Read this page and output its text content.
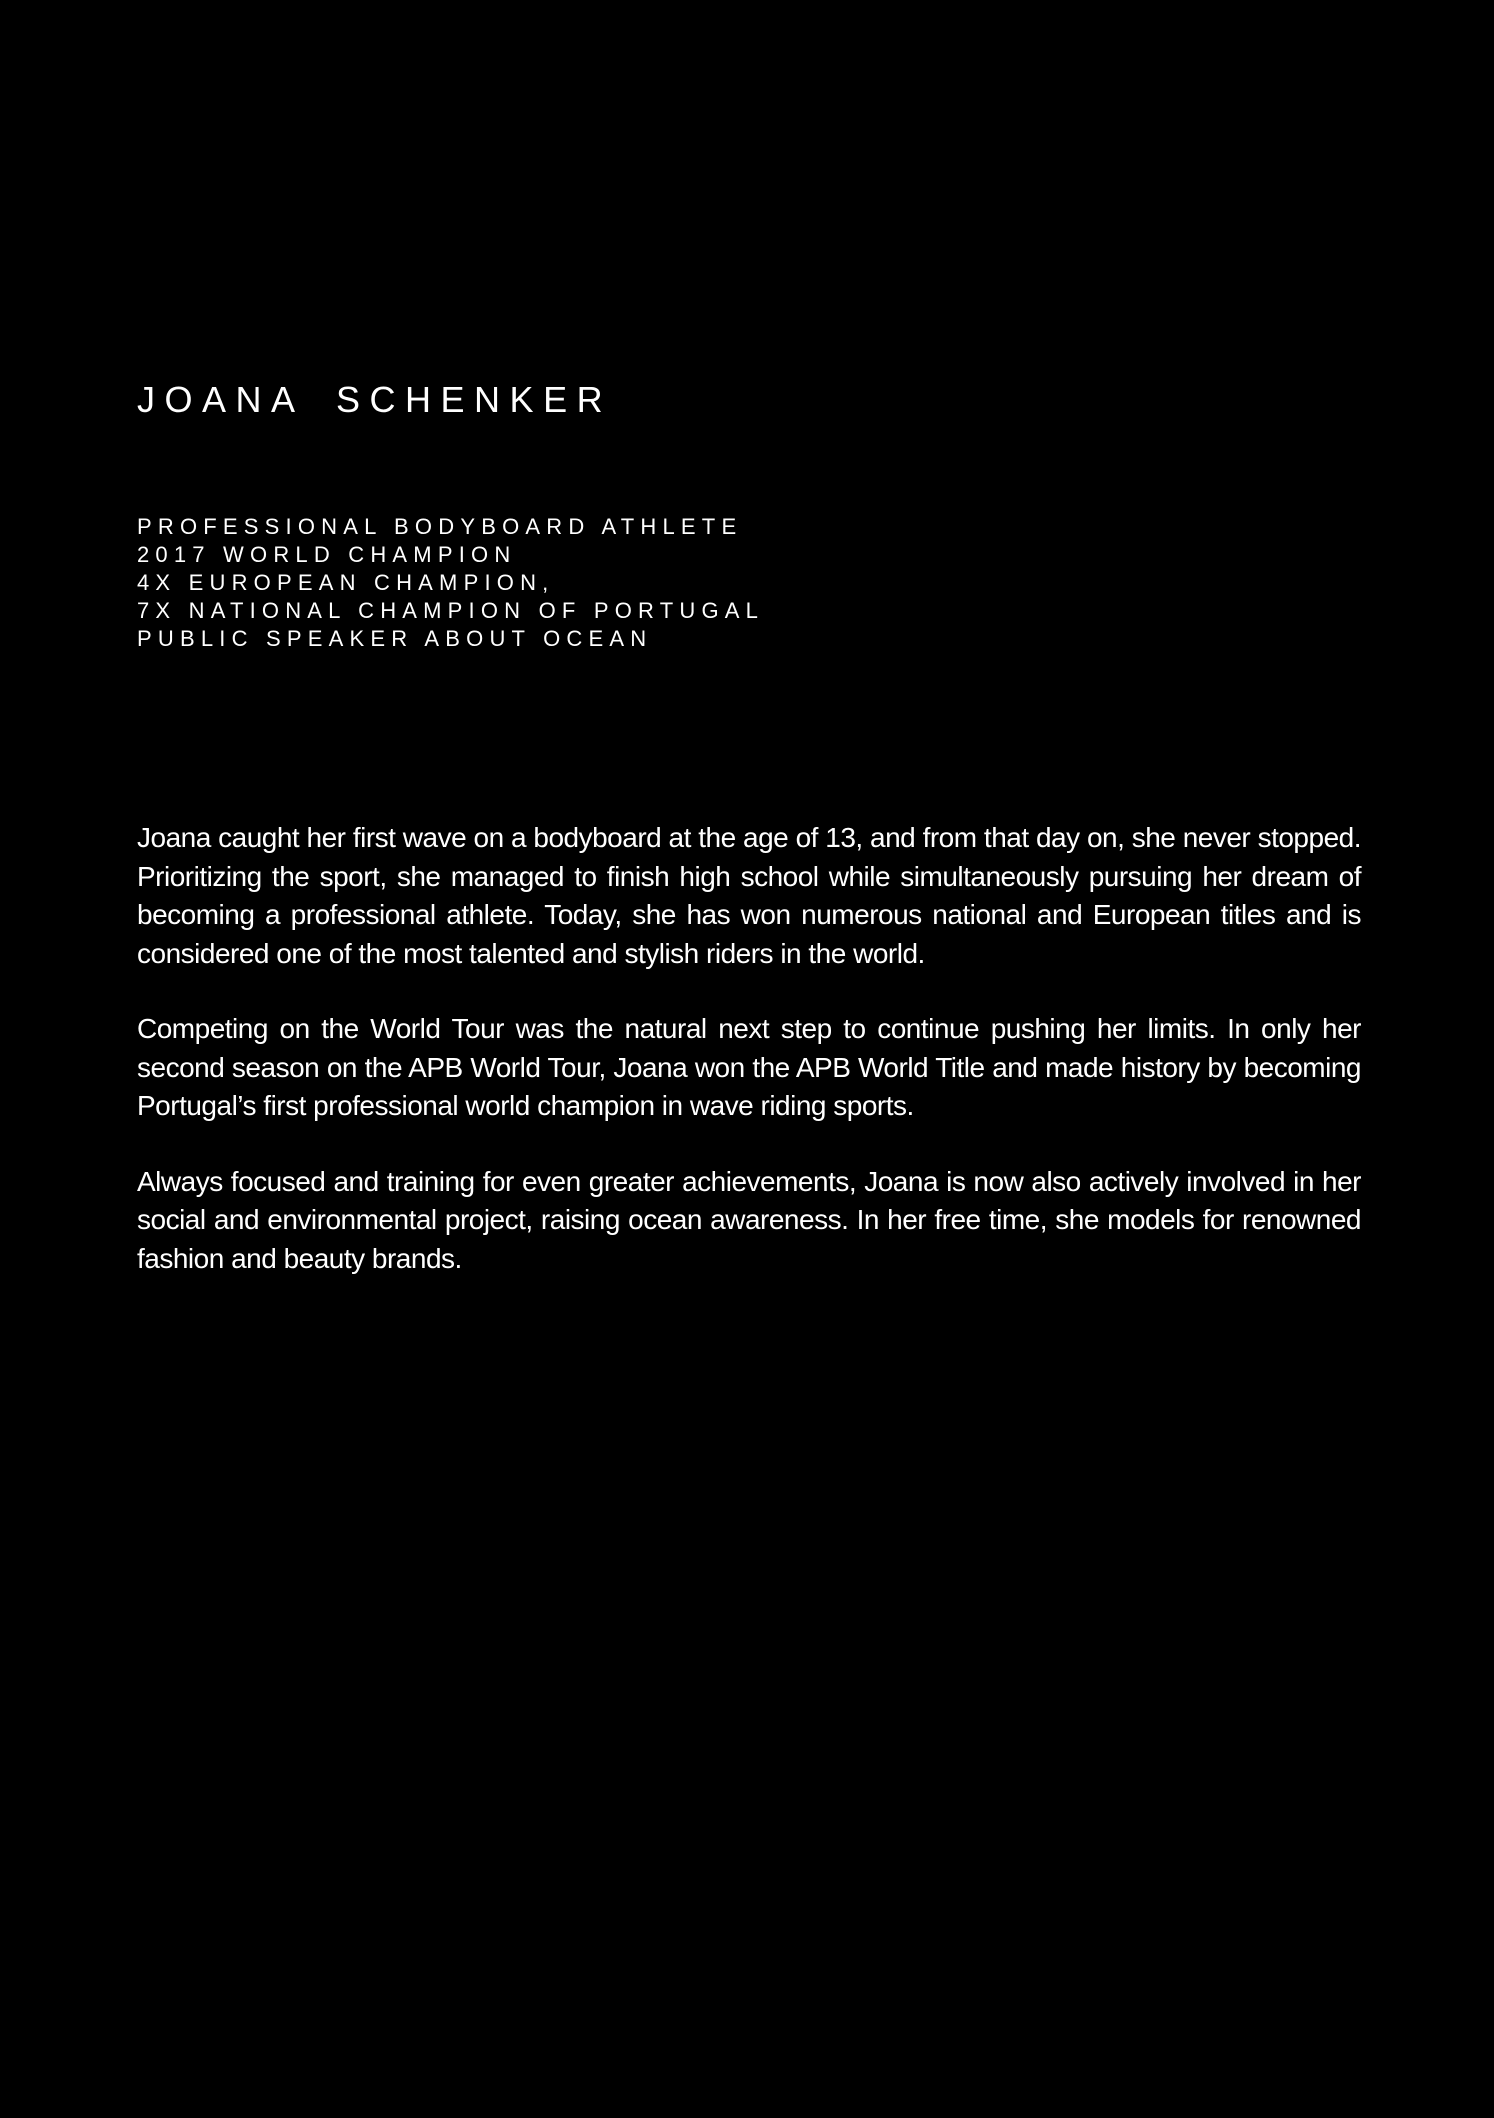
JOANA SCHENKER
PROFESSIONAL BODYBOARD ATHLETE
2017 WORLD CHAMPION
4X EUROPEAN CHAMPION,
7X NATIONAL CHAMPION OF PORTUGAL
PUBLIC SPEAKER ABOUT OCEAN

Joana caught her first wave on a bodyboard at the age of 13, and from that day on, she never stopped. Prioritizing the sport, she managed to finish high school while simultaneously pursuing her dream of becoming a professional athlete. Today, she has won numerous national and European titles and is considered one of the most talented and stylish riders in the world.

Competing on the World Tour was the natural next step to continue pushing her limits. In only her second season on the APB World Tour, Joana won the APB World Title and made history by becoming Portugal’s first professional world champion in wave riding sports.

Always focused and training for even greater achievements, Joana is now also actively involved in her social and environmental project, raising ocean awareness. In her free time, she models for renowned fashion and beauty brands.
